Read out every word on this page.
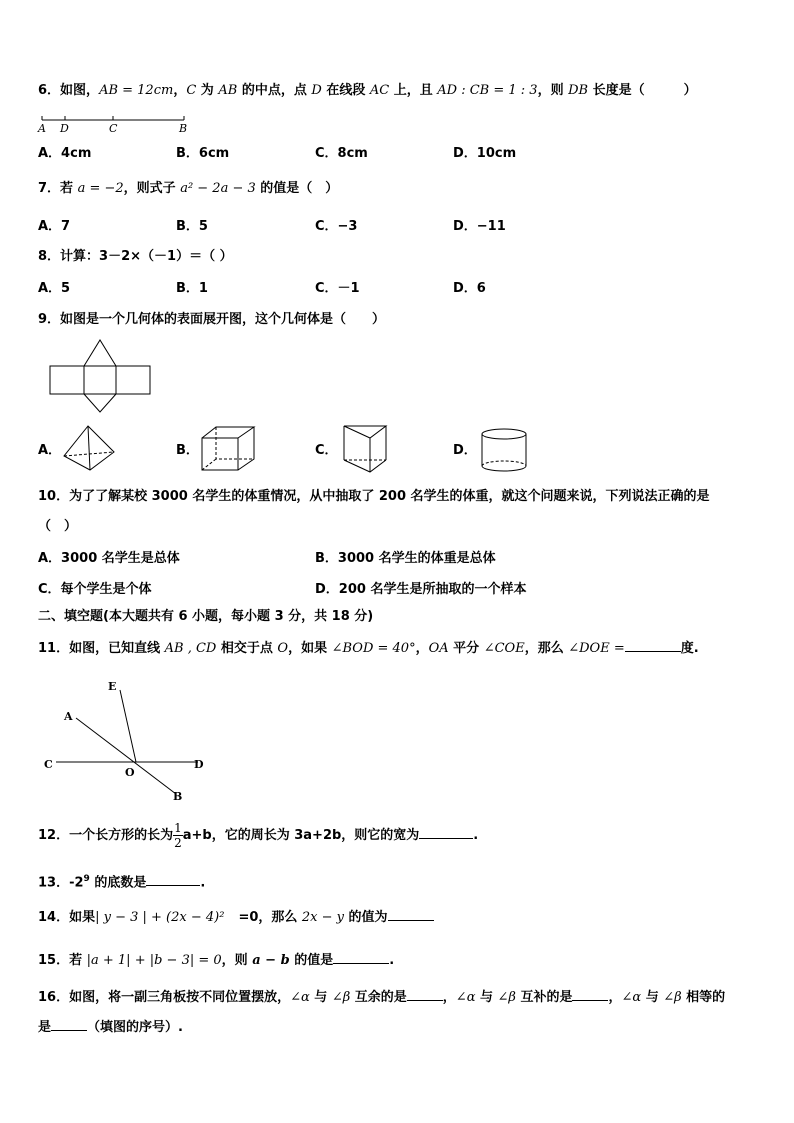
6．如图，AB = 12cm，C 为 AB 的中点，点 D 在线段 AC 上，且 AD : CB = 1 : 3，则 DB 长度是（　　　）
A D	C	B
A．4cm	B．6cm	C．8cm	D．10cm
7．若 a = −2，则式子 a² − 2a − 3 的值是（　）
A．7	B．5	C．−3	D．−11
8．计算：3－2×（－1）＝（ ）
A．5	B．1	C．－1	D．6
9．如图是一个几何体的表面展开图，这个几何体是（　　）
A．	B．	C．	D．
10．为了了解某校 3000 名学生的体重情况，从中抽取了 200 名学生的体重，就这个问题来说，下列说法正确的是
（　）
A．3000 名学生是总体	B．3000 名学生的体重是总体
C．每个学生是个体	D．200 名学生是所抽取的一个样本
二、填空题(本大题共有 6 小题，每小题 3 分，共 18 分)
11．如图，已知直线 AB , CD 相交于点 O，如果 ∠BOD = 40°，OA 平分 ∠COE，那么 ∠DOE =	度.
E
A
C
O
D
B
12．一个长方形的长为 $\frac{1}{2} a+b$，它的周长为 3a+2b，则它的宽为	.
13．$-2^9$ 的底数是	.
14．如果| y − 3 | + (2x − 4)² =0，那么 2x − y 的值为
15．若 |a + 1| + |b − 3| = 0，则 a − b 的值是	.
16．如图，将一副三角板按不同位置摆放，∠α 与 ∠β 互余的是	，∠α 与 ∠β 互补的是	，∠α 与 ∠β 相等的
是	（填图的序号）.
